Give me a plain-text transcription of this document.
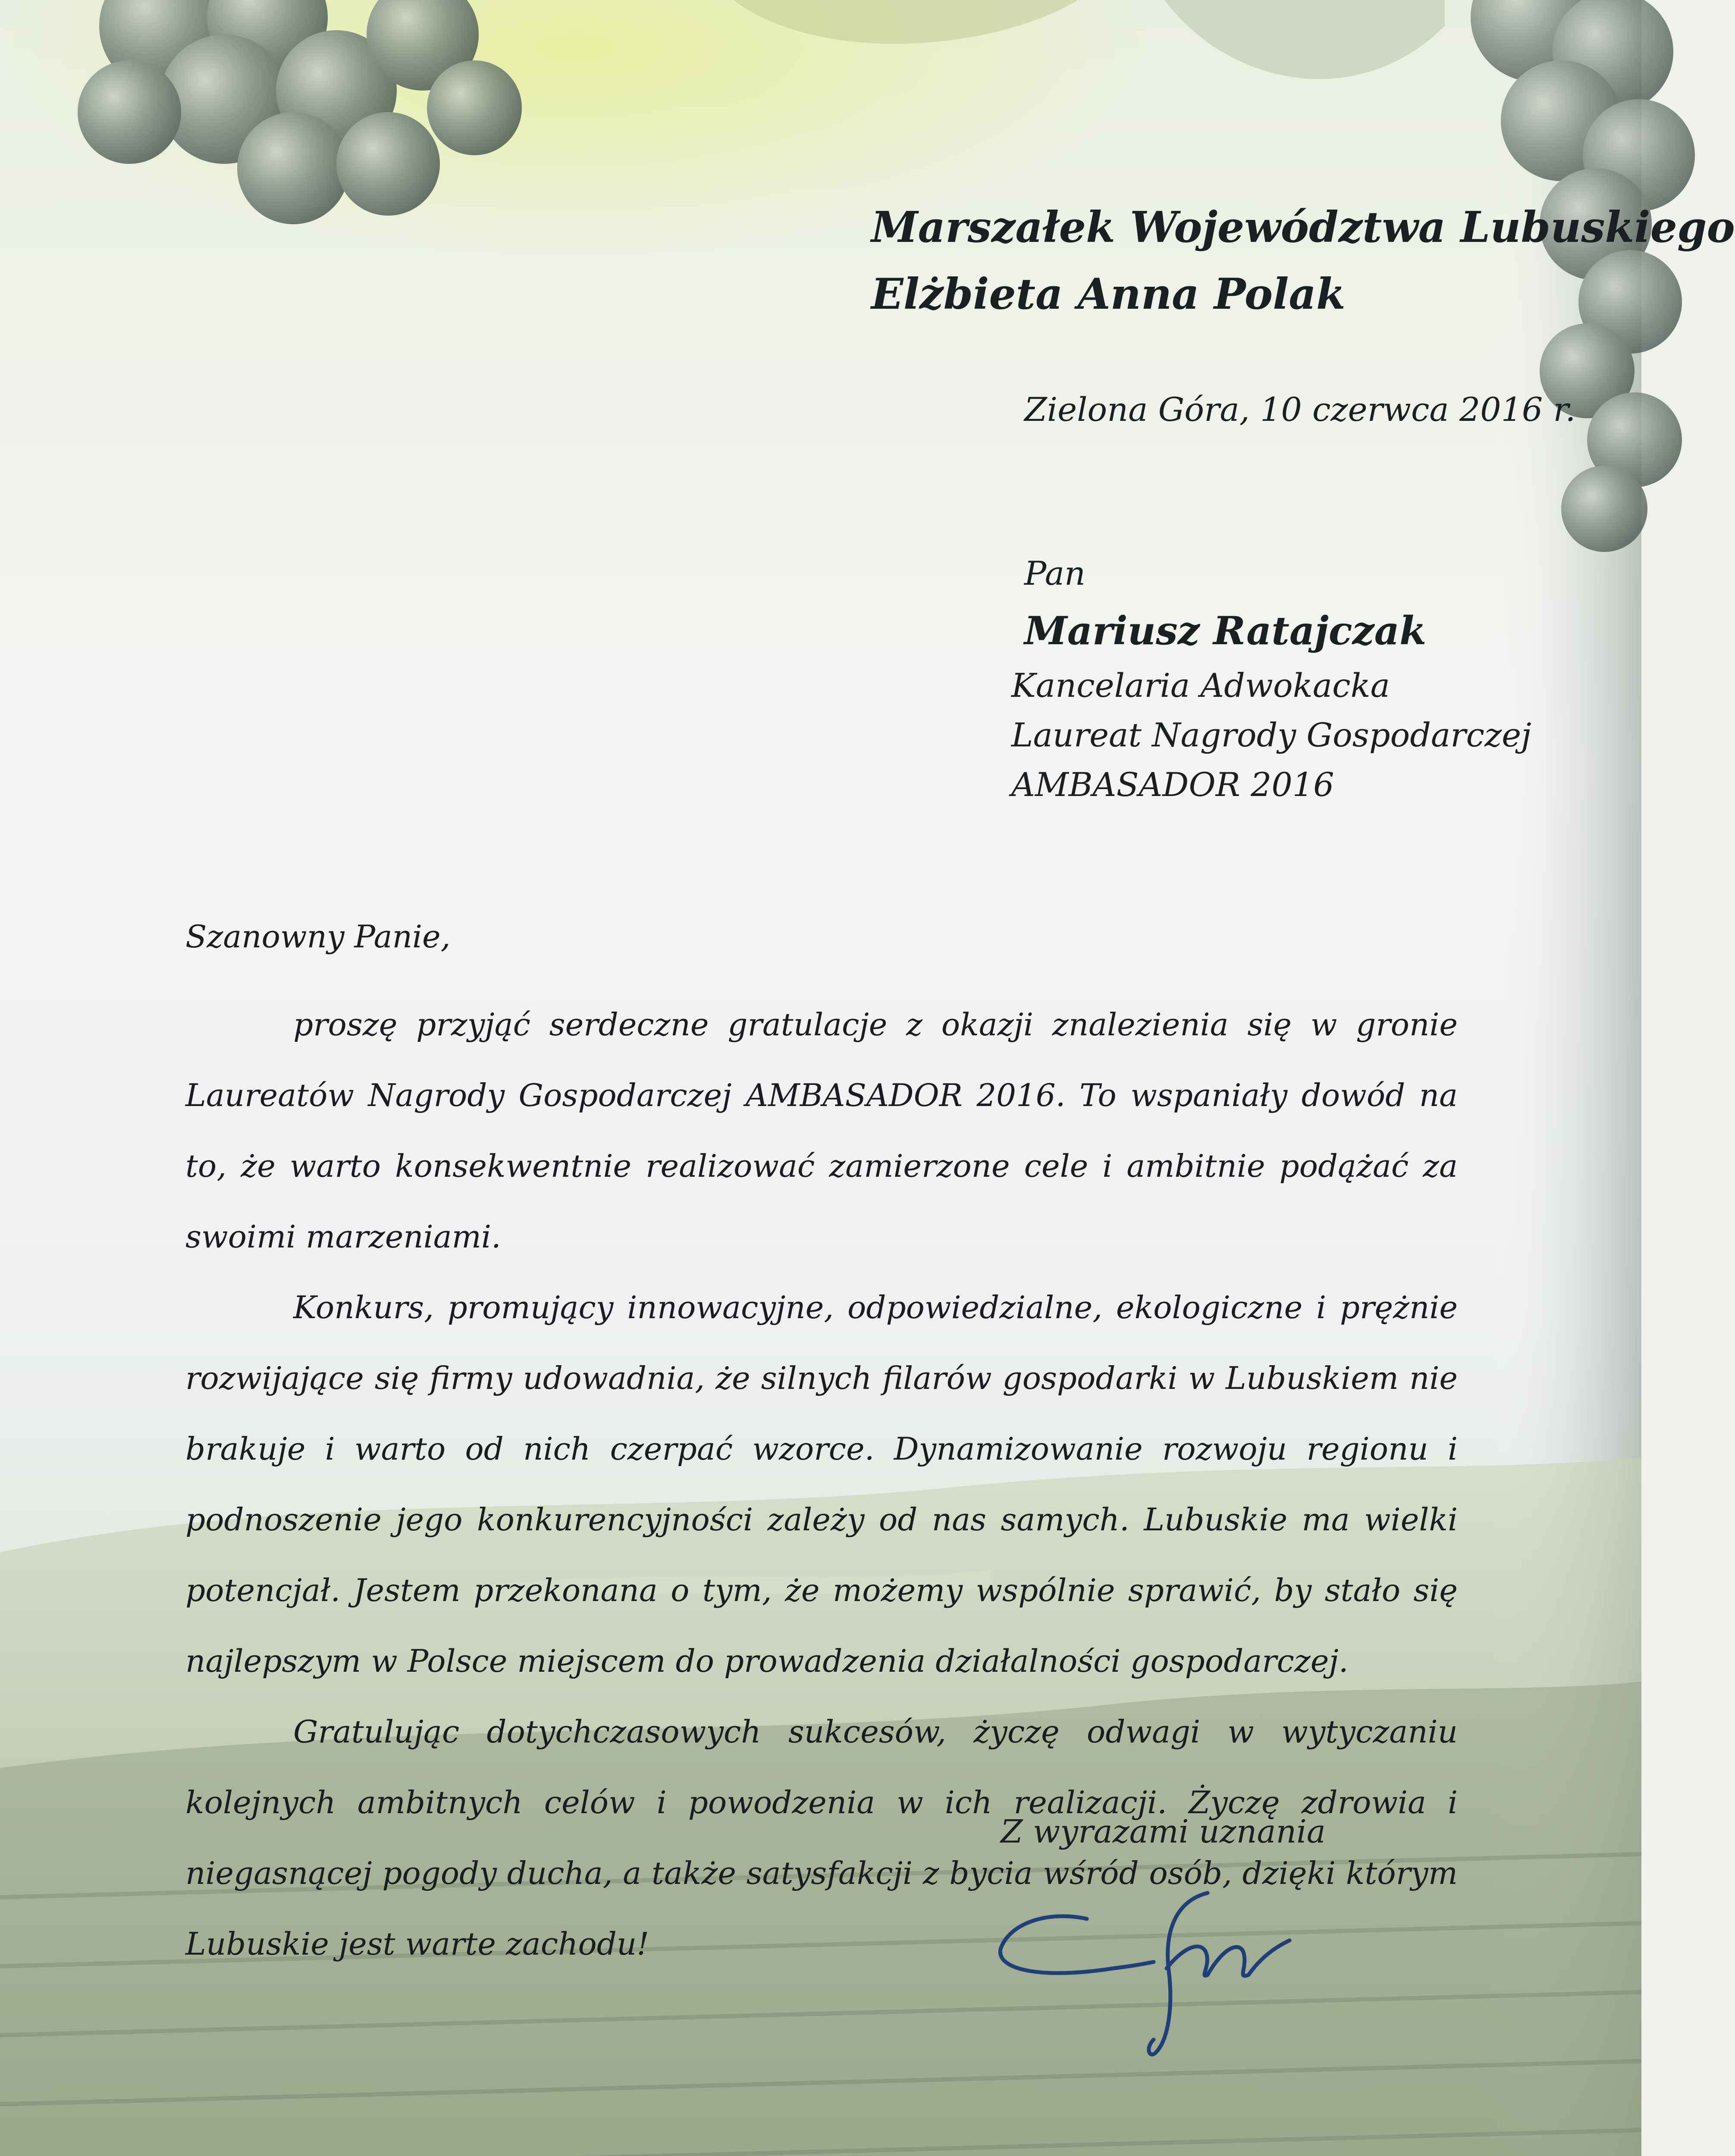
Marszałek Województwa Lubuskiego
Elżbieta Anna Polak
Zielona Góra, 10 czerwca 2016 r.
Pan
Mariusz Ratajczak
Kancelaria Adwokacka
Laureat Nagrody Gospodarczej
AMBASADOR 2016

Szanowny Panie,

proszę przyjąć serdeczne gratulacje z okazji znalezienia się w gronie Laureatów Nagrody Gospodarczej AMBASADOR 2016. To wspaniały dowód na to, że warto konsekwentnie realizować zamierzone cele i ambitnie podążać za swoimi marzeniami.

Konkurs, promujący innowacyjne, odpowiedzialne, ekologiczne i prężnie rozwijające się firmy udowadnia, że silnych filarów gospodarki w Lubuskiem nie brakuje i warto od nich czerpać wzorce. Dynamizowanie rozwoju regionu i podnoszenie jego konkurencyjności zależy od nas samych. Lubuskie ma wielki potencjał. Jestem przekonana o tym, że możemy wspólnie sprawić, by stało się najlepszym w Polsce miejscem do prowadzenia działalności gospodarczej.

Gratulując dotychczasowych sukcesów, życzę odwagi w wytyczaniu kolejnych ambitnych celów i powodzenia w ich realizacji. Życzę zdrowia i niegasnącej pogody ducha, a także satysfakcji z bycia wśród osób, dzięki którym Lubuskie jest warte zachodu!

Z wyrazami uznania
